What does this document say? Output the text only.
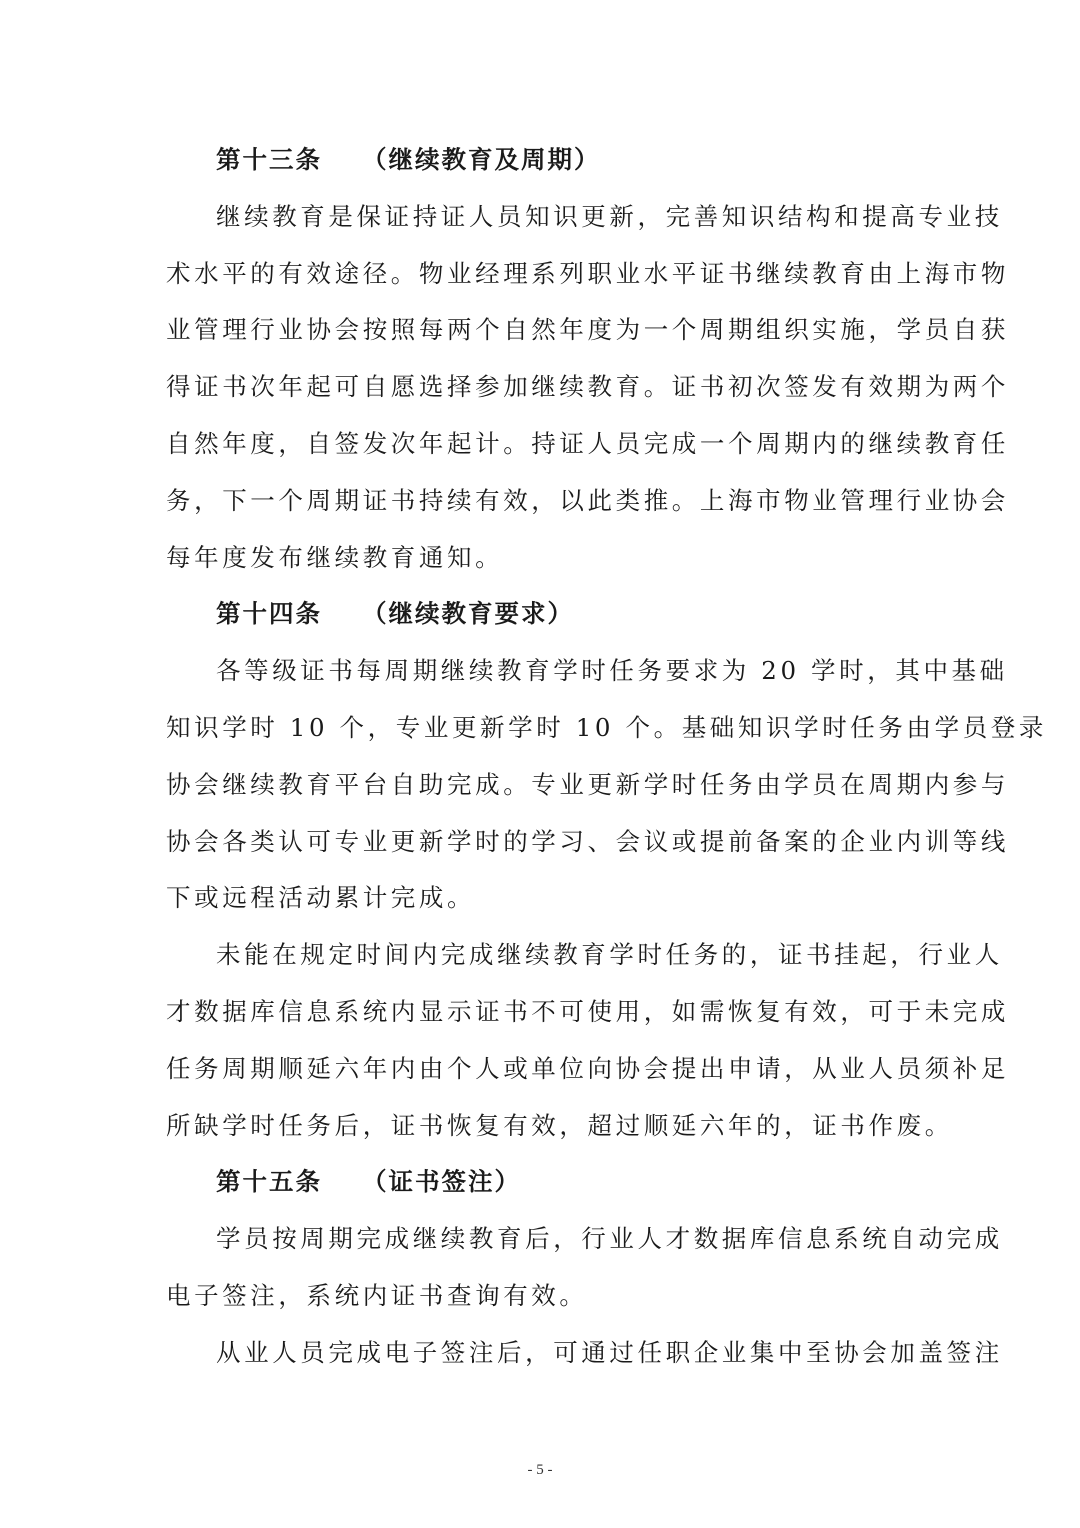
第十三条 （继续教育及周期）
继续教育是保证持证人员知识更新，完善知识结构和提高专业技
术水平的有效途径。物业经理系列职业水平证书继续教育由上海市物
业管理行业协会按照每两个自然年度为一个周期组织实施，学员自获
得证书次年起可自愿选择参加继续教育。证书初次签发有效期为两个
自然年度，自签发次年起计。持证人员完成一个周期内的继续教育任
务，下一个周期证书持续有效，以此类推。上海市物业管理行业协会
每年度发布继续教育通知。
第十四条 （继续教育要求）
各等级证书每周期继续教育学时任务要求为 20 学时，其中基础
知识学时 10 个，专业更新学时 10 个。基础知识学时任务由学员登录
协会继续教育平台自助完成。专业更新学时任务由学员在周期内参与
协会各类认可专业更新学时的学习、会议或提前备案的企业内训等线
下或远程活动累计完成。
未能在规定时间内完成继续教育学时任务的，证书挂起，行业人
才数据库信息系统内显示证书不可使用，如需恢复有效，可于未完成
任务周期顺延六年内由个人或单位向协会提出申请，从业人员须补足
所缺学时任务后，证书恢复有效，超过顺延六年的，证书作废。
第十五条 （证书签注）
学员按周期完成继续教育后，行业人才数据库信息系统自动完成
电子签注，系统内证书查询有效。
从业人员完成电子签注后，可通过任职企业集中至协会加盖签注
- 5 -
